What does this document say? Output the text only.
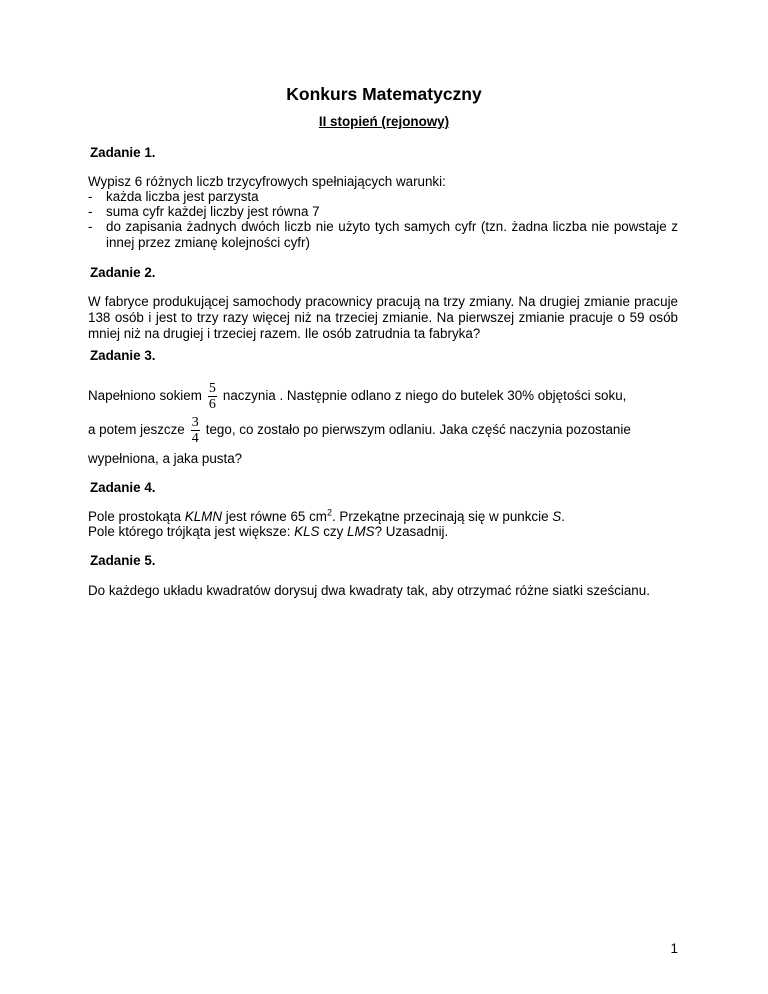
Konkurs Matematyczny
II stopień (rejonowy)
Zadanie 1.
Wypisz 6 różnych liczb trzycyfrowych spełniających warunki:
-	każda liczba jest parzysta
-	suma cyfr każdej liczby jest równa 7
-	do zapisania żadnych dwóch liczb nie użyto tych samych cyfr (tzn. żadna liczba nie powstaje z innej przez zmianę kolejności cyfr)
Zadanie 2.
W fabryce produkującej samochody pracownicy pracują na trzy zmiany. Na drugiej zmianie pracuje 138 osób i jest to trzy razy więcej niż na trzeciej zmianie. Na pierwszej zmianie pracuje o 59 osób mniej niż na drugiej i trzeciej razem. Ile osób zatrudnia ta fabryka?
Zadanie 3.
Napełniono sokiem $\frac{5}{6}$ naczynia . Następnie odlano z niego do butelek 30% objętości soku,
a potem jeszcze $\frac{3}{4}$ tego, co zostało po pierwszym odlaniu. Jaka część naczynia pozostanie
wypełniona, a jaka pusta?
Zadanie 4.
Pole prostokąta KLMN jest równe 65 $cm^2$. Przekątne przecinają się w punkcie S.
Pole którego trójkąta jest większe: KLS czy LMS? Uzasadnij.
Zadanie 5.
Do każdego układu kwadratów dorysuj dwa kwadraty tak, aby otrzymać różne siatki sześcianu.
1
